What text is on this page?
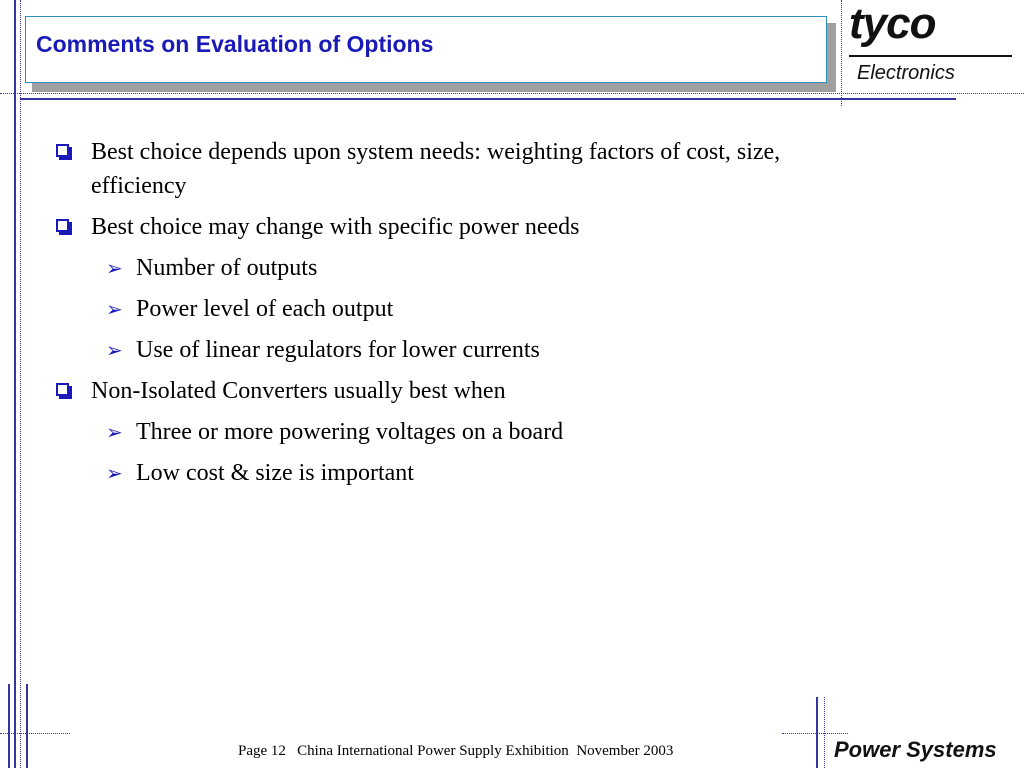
Comments on Evaluation of Options	tyco
Electronics
Best choice depends upon system needs: weighting factors of cost, size,
efficiency
Best choice may change with specific power needs
➢ Number of outputs
➢ Power level of each output
➢ Use of linear regulators for lower currents
Non-Isolated Converters usually best when
➢ Three or more powering voltages on a board
➢ Low cost & size is important
Page 12 China International Power Supply Exhibition November 2003	Power Systems
